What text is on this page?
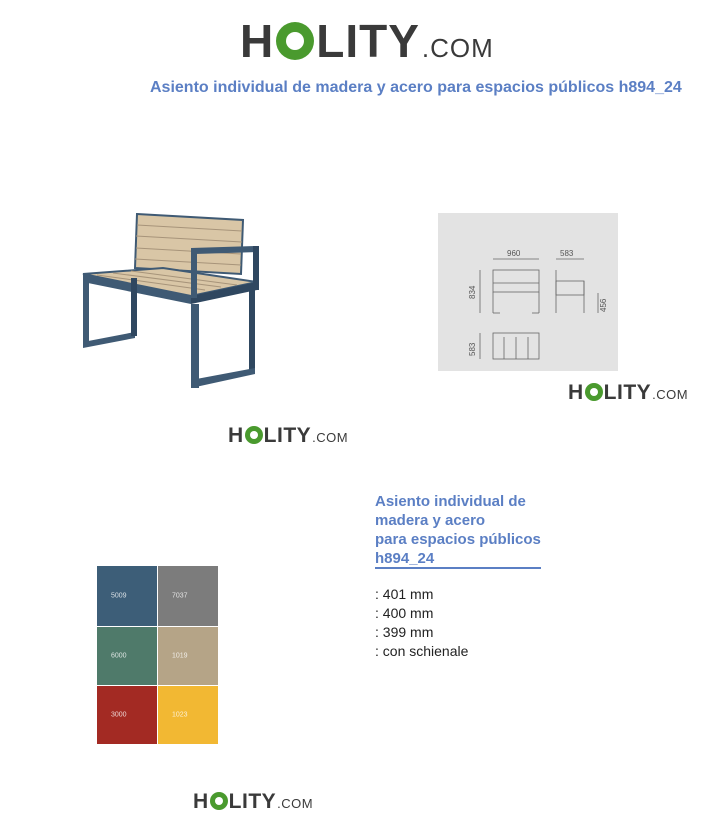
H LITY .COM
Asiento individual de madera y acero para espacios públicos h894_24
H LITY .COM
960	583
834
456
583
H LITY .COM
Asiento individual de
madera y acero
para espacios públicos
h894_24
: 401 mm
: 400 mm
: 399 mm
: con schienale
5009	7037
6000	1019
3000	1023
H LITY .COM
